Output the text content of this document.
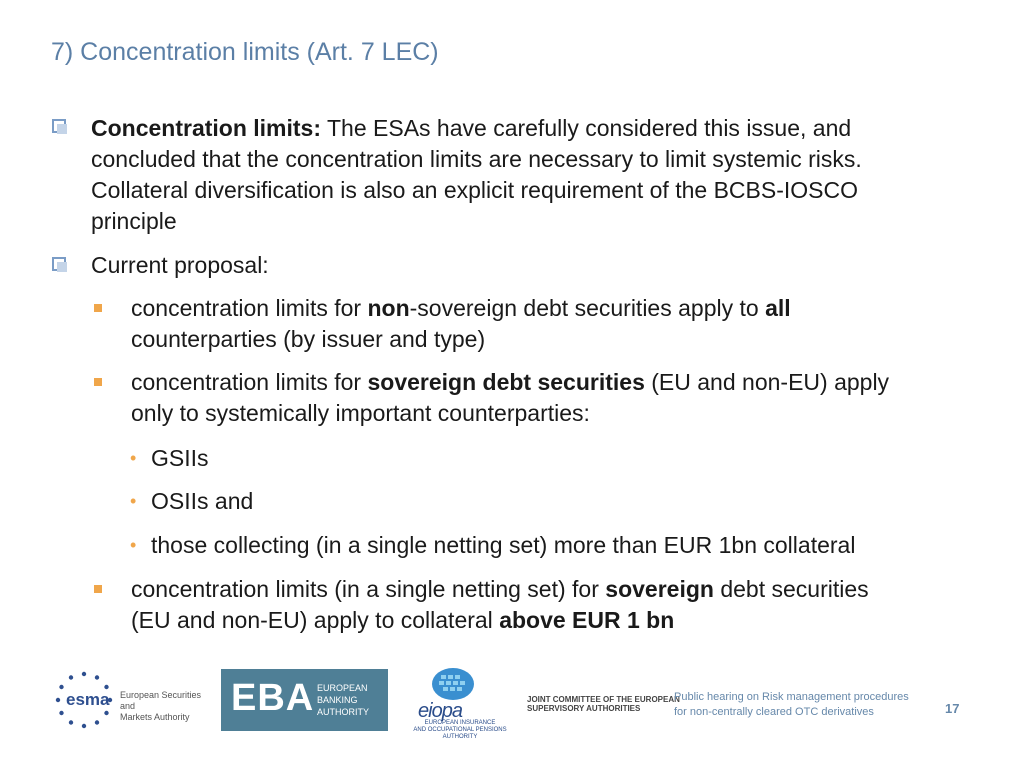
7) Concentration limits (Art. 7 LEC)
Concentration limits: The ESAs have carefully considered this issue, and
concluded that the concentration limits are necessary to limit systemic risks.
Collateral diversification is also an explicit requirement of the BCBS-IOSCO
principle
Current proposal:
concentration limits for non-sovereign debt securities apply to all
counterparties (by issuer and type)
concentration limits for sovereign debt securities (EU and non-EU) apply
only to systemically important counterparties:
• GSIIs
• OSIIs and
• those collecting (in a single netting set) more than EUR 1bn collateral
concentration limits (in a single netting set) for sovereign debt securities
(EU and non-EU) apply to collateral above EUR 1 bn
esma European Securities and
Markets Authority	EBA EUROPEAN
BANKING
AUTHORITY eiopa
EUROPEAN INSURANCE
AND OCCUPATIONAL PENSIONS AUTHORITY
JOINT COMMITTEE OF THE EUROPEAN
SUPERVISORY AUTHORITIES
Public hearing on Risk management procedures
for non-centrally cleared OTC derivatives	17
